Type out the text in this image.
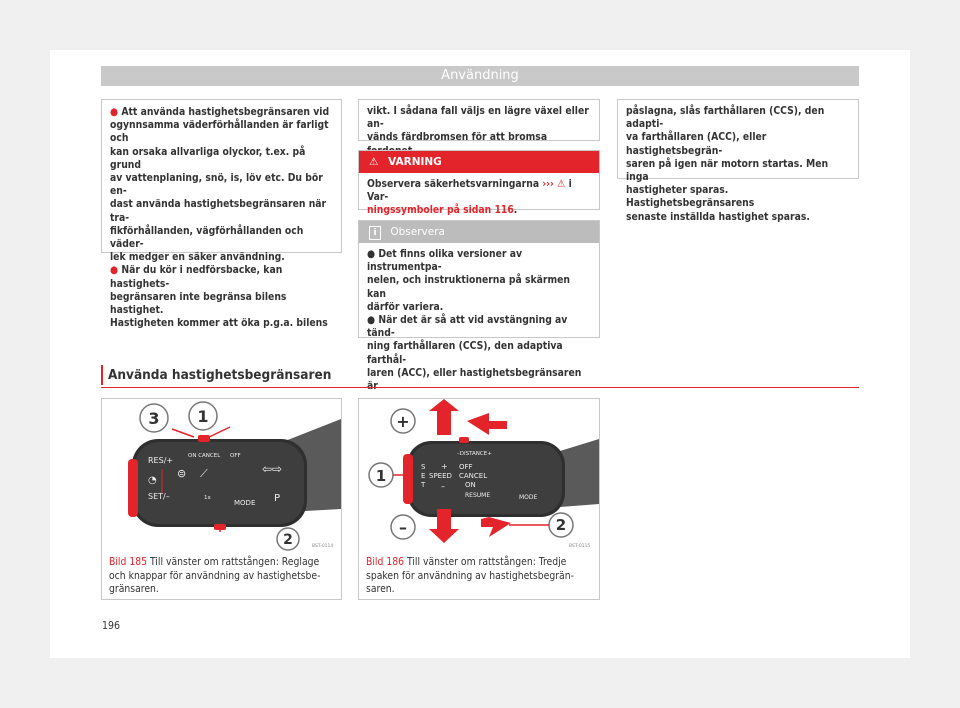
Användning

● Att använda hastighetsbegränsaren vid
ogynnsamma väderförhållanden är farligt och
kan orsaka allvarliga olyckor, t.ex. på grund
av vattenplaning, snö, is, löv etc. Du bör en-
dast använda hastighetsbegränsaren när tra-
fikförhållanden, vägförhållanden och väder-
lek medger en säker användning.

● När du kör i nedförsbacke, kan hastighets-
begränsaren inte begränsa bilens hastighet.
Hastigheten kommer att öka p.g.a. bilens

vikt. I sådana fall väljs en lägre växel eller an-
vänds färdbromsen för att bromsa
⚠ VARNING
Observera säkerhetsvarningarna ››› ⚠ i Var-
ningssymboler på sidan 116.
i Observera

● Det finns olika versioner av instrumentpa-
nelen, och instruktionerna på skärmen kan
därför variera.

● När det är så att vid avstängning av tänd-
ning farthållaren (CCS), den adaptiva farthål-
laren (ACC), eller hastighetsbegränsaren

påslagna, slås farthållaren (CCS), den adapti-
va farthållaren (ACC), eller hastighetsbegrän-
saren på igen när motorn startas. Men inga
hastigheter sparas. Hastighetsbegränsarens
senaste inställda hastighet sparas.
Använda hastighetsbegränsaren
3 1
2
RES/+
SET/–
ON CANCEL OFF
MODE
1x
⊜	⇦⇨
⟋
◔
P
BST-0114
Bild 185 Till vänster om rattstången: Reglage
och knappar för användning av hastighetsbe-
gränsaren.
+
1
–	2
–DISTANCE+
S
E
T
SPEED
+
–
OFF
CANCEL
ON
RESUME	MODE
BST-0115
Bild 186 Till vänster om rattstången: Tredje
spaken för användning av hastighetsbegrän-
saren.
196
